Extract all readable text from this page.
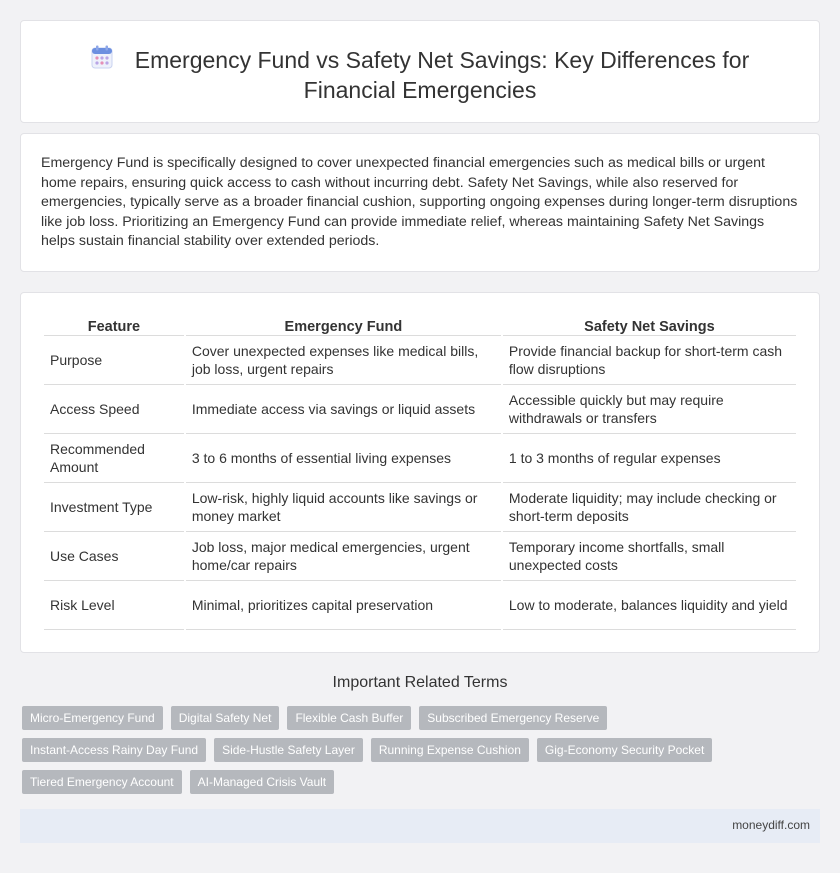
Emergency Fund vs Safety Net Savings: Key Differences for
Financial Emergencies

Emergency Fund is specifically designed to cover unexpected financial emergencies such as medical bills or urgent home repairs, ensuring quick access to cash without incurring debt. Safety Net Savings, while also reserved for emergencies, typically serve as a broader financial cushion, supporting ongoing expenses during longer-term disruptions like job loss. Prioritizing an Emergency Fund can provide immediate relief, whereas maintaining Safety Net Savings helps sustain financial stability over extended periods.

Feature	Emergency Fund	Safety Net Savings
Purpose	Cover unexpected expenses like medical bills, job loss, urgent repairs	Provide financial backup for short-term cash flow disruptions
Access Speed	Immediate access via savings or liquid assets	Accessible quickly but may require withdrawals or transfers
Recommended Amount	3 to 6 months of essential living expenses	1 to 3 months of regular expenses
Investment Type	Low-risk, highly liquid accounts like savings or money market	Moderate liquidity; may include checking or short-term deposits
Use Cases	Job loss, major medical emergencies, urgent home/car repairs	Temporary income shortfalls, small unexpected costs
Risk Level	Minimal, prioritizes capital preservation	Low to moderate, balances liquidity and yield
Important Related Terms
Micro-Emergency Fund	Digital Safety Net	Flexible Cash Buffer	Subscribed Emergency Reserve
Instant-Access Rainy Day Fund	Side-Hustle Safety Layer	Running Expense Cushion	Gig-Economy Security Pocket
Tiered Emergency Account	AI-Managed Crisis Vault
moneydiff.com
